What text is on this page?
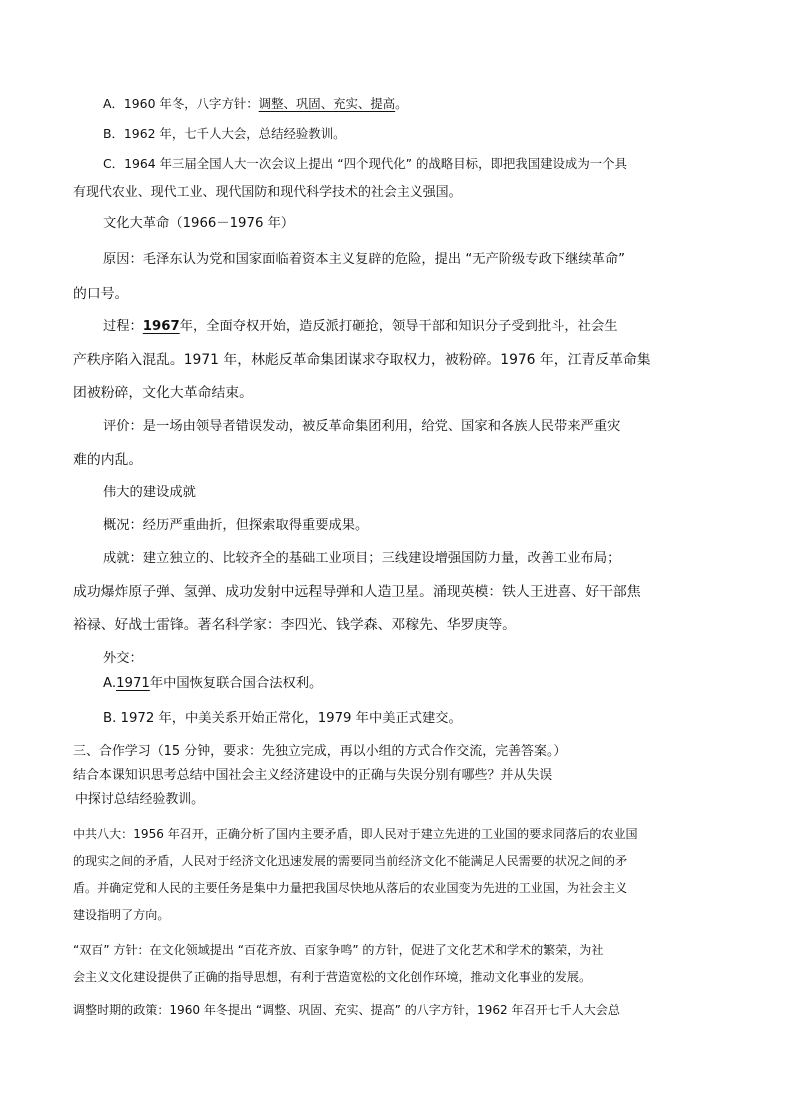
A．1960 年冬，八字方针：调整、巩固、充实、提高。
B．1962 年，七千人大会，总结经验教训。
C．1964 年三届全国人大一次会议上提出 “四个现代化” 的战略目标，即把我国建设成为一个具
有现代农业、现代工业、现代国防和现代科学技术的社会主义强国。
文化大革命（1966－1976 年）
原因：毛泽东认为党和国家面临着资本主义复辟的危险，提出 “无产阶级专政下继续革命”
的口号。
过程：1967年，全面夺权开始，造反派打砸抢，领导干部和知识分子受到批斗，社会生
产秩序陷入混乱。1971 年，林彪反革命集团谋求夺取权力，被粉碎。1976 年，江青反革命集
团被粉碎，文化大革命结束。
评价：是一场由领导者错误发动，被反革命集团利用，给党、国家和各族人民带来严重灾
难的内乱。
伟大的建设成就
概况：经历严重曲折，但探索取得重要成果。
成就：建立独立的、比较齐全的基础工业项目；三线建设增强国防力量，改善工业布局；
成功爆炸原子弹、氢弹、成功发射中远程导弹和人造卫星。涌现英模：铁人王进喜、好干部焦
裕禄、好战士雷锋。著名科学家：李四光、钱学森、邓稼先、华罗庚等。
外交：
A.1971年中国恢复联合国合法权利。
B. 1972 年，中美关系开始正常化，1979 年中美正式建交。
三、合作学习（15 分钟，要求：先独立完成，再以小组的方式合作交流，完善答案。）
结合本课知识思考总结中国社会主义经济建设中的正确与失误分别有哪些？并从失误
中探讨总结经验教训。
中共八大：1956 年召开，正确分析了国内主要矛盾，即人民对于建立先进的工业国的要求同落后的农业国
的现实之间的矛盾，人民对于经济文化迅速发展的需要同当前经济文化不能满足人民需要的状况之间的矛
盾。并确定党和人民的主要任务是集中力量把我国尽快地从落后的农业国变为先进的工业国，为社会主义
建设指明了方向。
“双百” 方针：在文化领域提出 “百花齐放、百家争鸣” 的方针，促进了文化艺术和学术的繁荣，为社
会主义文化建设提供了正确的指导思想，有利于营造宽松的文化创作环境，推动文化事业的发展。
调整时期的政策：1960 年冬提出 “调整、巩固、充实、提高” 的八字方针，1962 年召开七千人大会总
